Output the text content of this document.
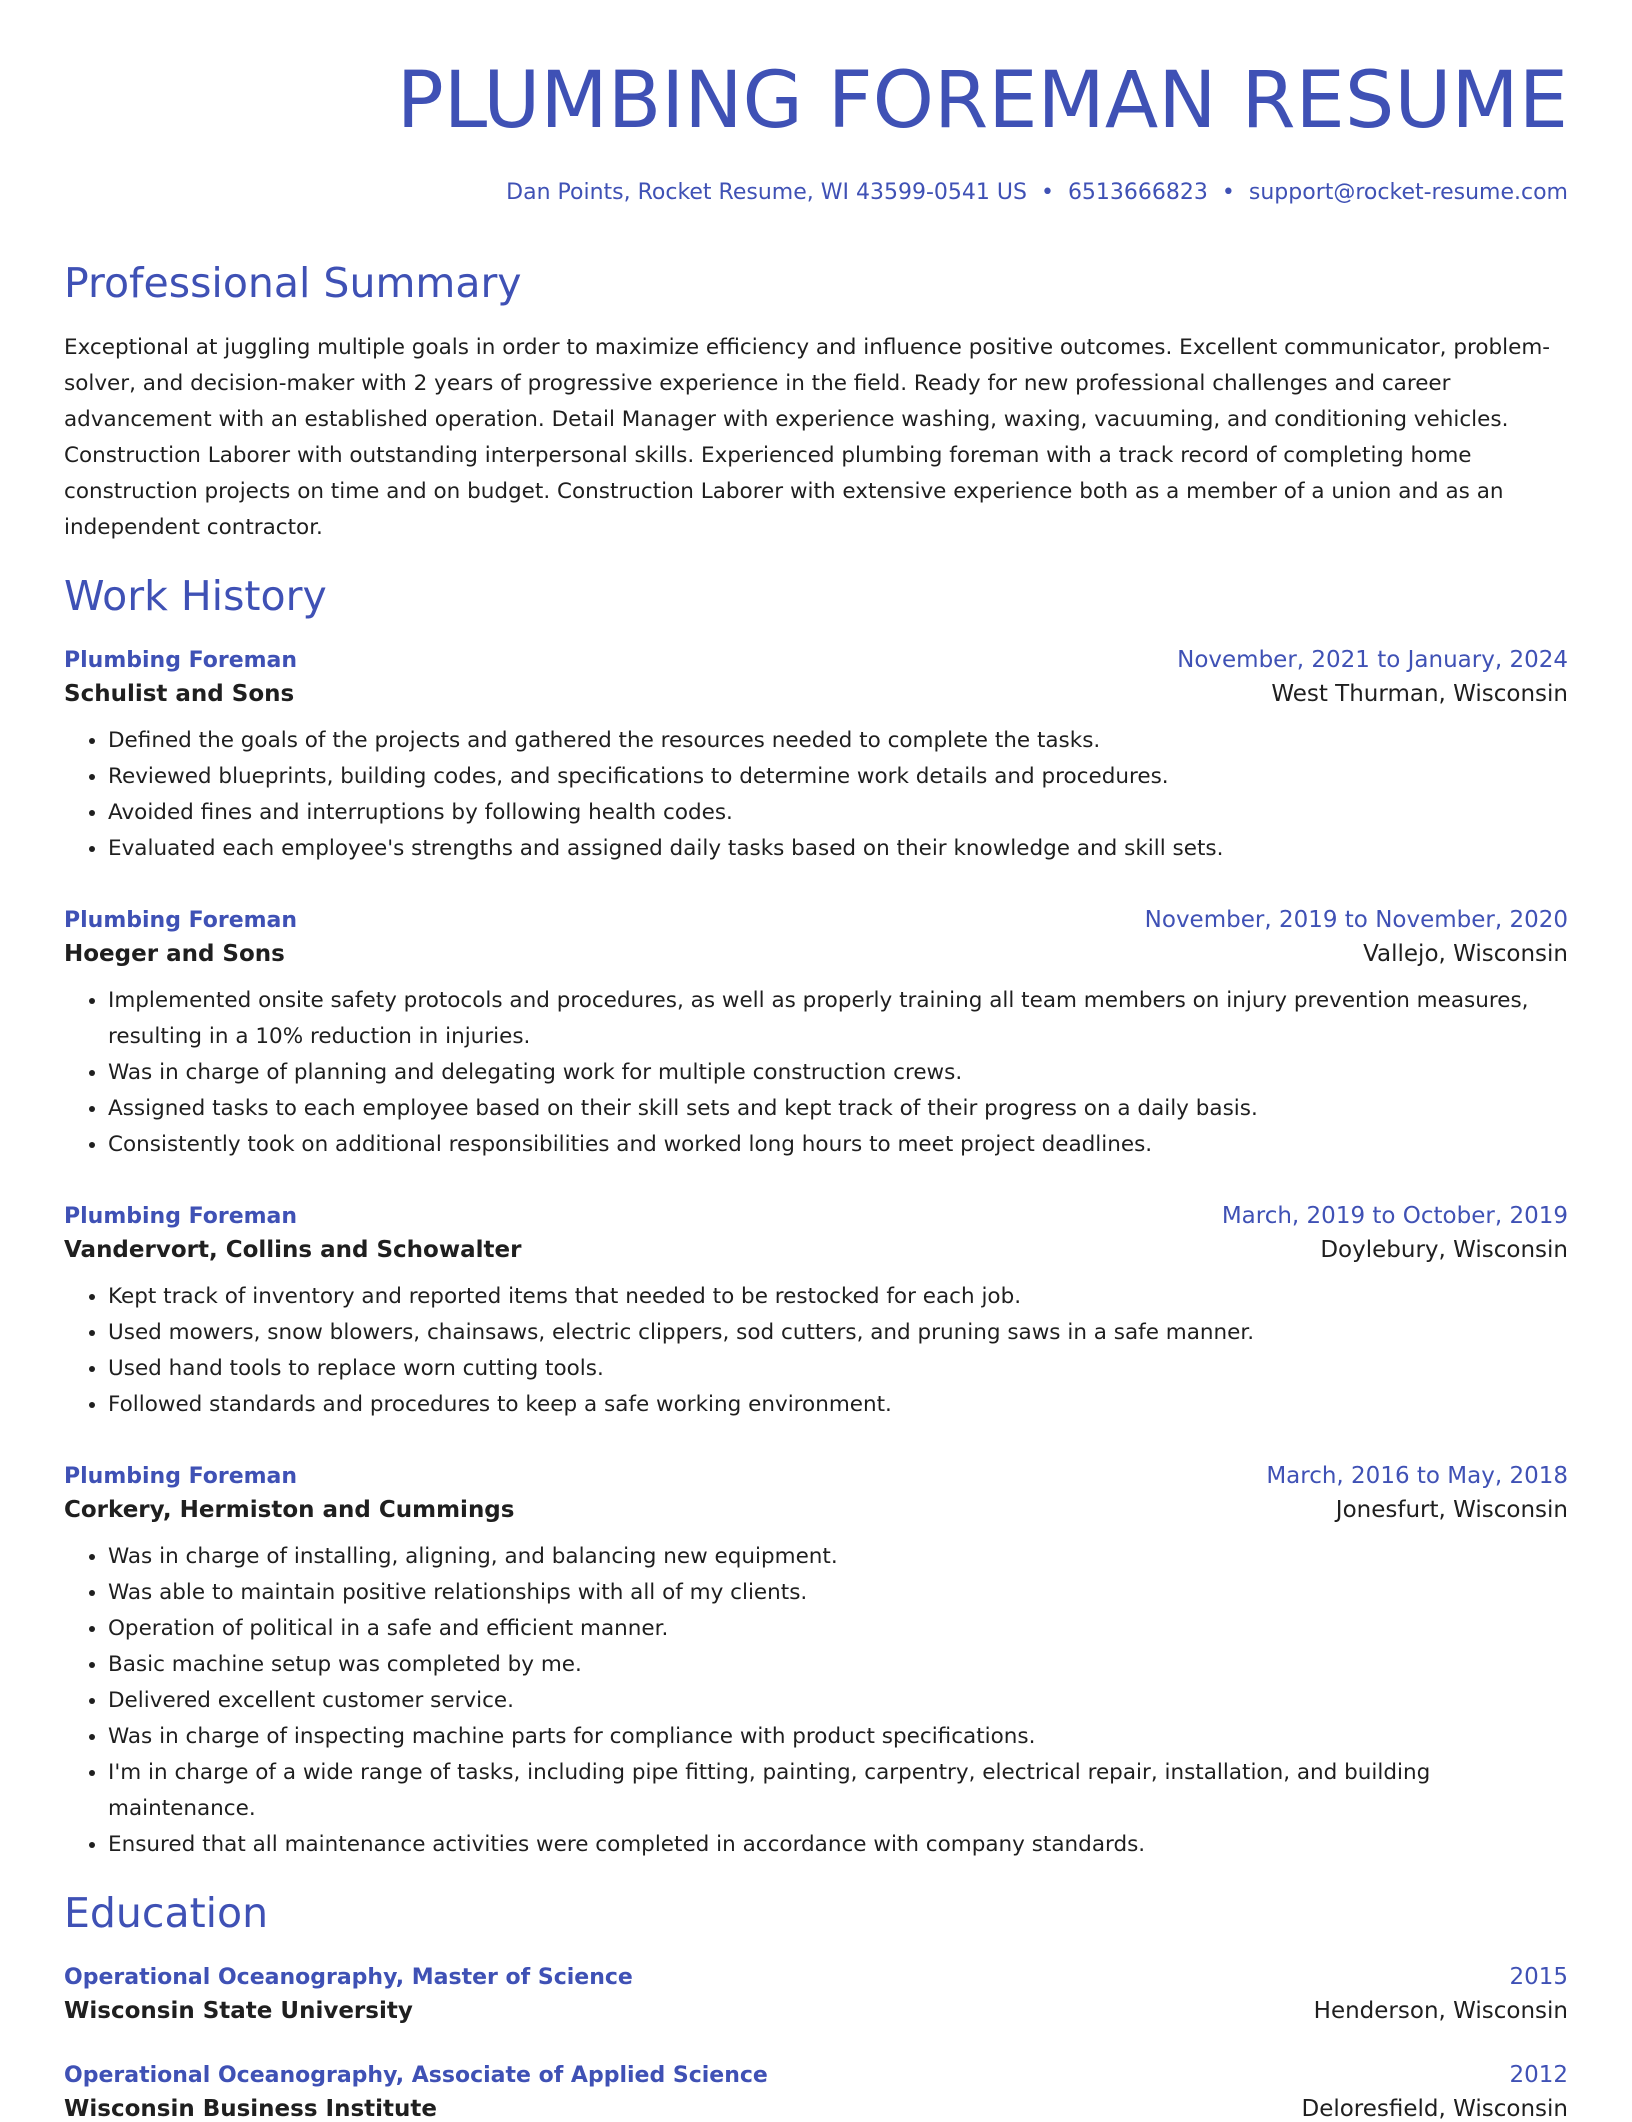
PLUMBING FOREMAN RESUME
Dan Points, Rocket Resume, WI 43599-0541 US • 6513666823 • support@rocket-resume.com
Professional Summary
Exceptional at juggling multiple goals in order to maximize efficiency and influence positive outcomes. Excellent communicator, problem-solver, and decision-maker with 2 years of progressive experience in the field. Ready for new professional challenges and career advancement with an established operation. Detail Manager with experience washing, waxing, vacuuming, and conditioning vehicles. Construction Laborer with outstanding interpersonal skills. Experienced plumbing foreman with a track record of completing home construction projects on time and on budget. Construction Laborer with extensive experience both as a member of a union and as an independent contractor.
Work History
Plumbing Foreman	November, 2021 to January, 2024
Schulist and Sons	West Thurman, Wisconsin
• Defined the goals of the projects and gathered the resources needed to complete the tasks.
• Reviewed blueprints, building codes, and specifications to determine work details and procedures.
• Avoided fines and interruptions by following health codes.
• Evaluated each employee's strengths and assigned daily tasks based on their knowledge and skill sets.
Plumbing Foreman	November, 2019 to November, 2020
Hoeger and Sons	Vallejo, Wisconsin
• Implemented onsite safety protocols and procedures, as well as properly training all team members on injury prevention measures, resulting in a 10% reduction in injuries.
• Was in charge of planning and delegating work for multiple construction crews.
• Assigned tasks to each employee based on their skill sets and kept track of their progress on a daily basis.
• Consistently took on additional responsibilities and worked long hours to meet project deadlines.
Plumbing Foreman	March, 2019 to October, 2019
Vandervort, Collins and Schowalter	Doylebury, Wisconsin
• Kept track of inventory and reported items that needed to be restocked for each job.
• Used mowers, snow blowers, chainsaws, electric clippers, sod cutters, and pruning saws in a safe manner.
• Used hand tools to replace worn cutting tools.
• Followed standards and procedures to keep a safe working environment.
Plumbing Foreman	March, 2016 to May, 2018
Corkery, Hermiston and Cummings	Jonesfurt, Wisconsin
• Was in charge of installing, aligning, and balancing new equipment.
• Was able to maintain positive relationships with all of my clients.
• Operation of political in a safe and efficient manner.
• Basic machine setup was completed by me.
• Delivered excellent customer service.
• Was in charge of inspecting machine parts for compliance with product specifications.
• I'm in charge of a wide range of tasks, including pipe fitting, painting, carpentry, electrical repair, installation, and building maintenance.
• Ensured that all maintenance activities were completed in accordance with company standards.
Education
Operational Oceanography, Master of Science	2015
Wisconsin State University	Henderson, Wisconsin
Operational Oceanography, Associate of Applied Science	2012
Wisconsin Business Institute	Deloresfield, Wisconsin
